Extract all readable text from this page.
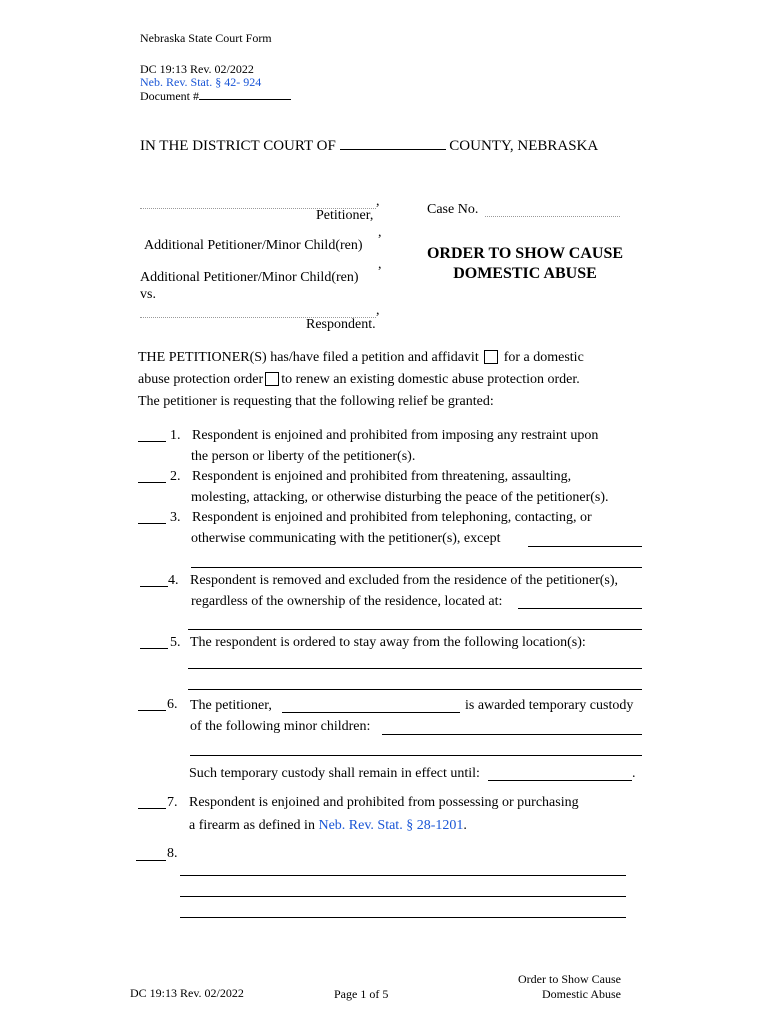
Nebraska State Court Form
DC 19:13 Rev. 02/2022
Neb. Rev. Stat. § 42- 924
Document #
IN THE DISTRICT COURT OF	COUNTY, NEBRASKA
,
Petitioner,
,
Additional Petitioner/Minor Child(ren)
,
Additional Petitioner/Minor Child(ren)
vs.
,
Respondent.
Case No.
ORDER TO SHOW CAUSE
DOMESTIC ABUSE
THE PETITIONER(S) has/have filed a petition and affidavit for a domestic
abuse protection order to renew an existing domestic abuse protection order.
The petitioner is requesting that the following relief be granted:
1. Respondent is enjoined and prohibited from imposing any restraint upon
the person or liberty of the petitioner(s).
2. Respondent is enjoined and prohibited from threatening, assaulting,
molesting, attacking, or otherwise disturbing the peace of the petitioner(s).
3. Respondent is enjoined and prohibited from telephoning, contacting, or
otherwise communicating with the petitioner(s), except
4. Respondent is removed and excluded from the residence of the petitioner(s),
regardless of the ownership of the residence, located at:
5. The respondent is ordered to stay away from the following location(s):
6. The petitioner,	is awarded temporary custody
of the following minor children:
Such temporary custody shall remain in effect until:	.
7. Respondent is enjoined and prohibited from possessing or purchasing
a firearm as defined in Neb. Rev. Stat. § 28-1201.
8.
DC 19:13 Rev. 02/2022	Page 1 of 5
Order to Show Cause
Domestic Abuse
